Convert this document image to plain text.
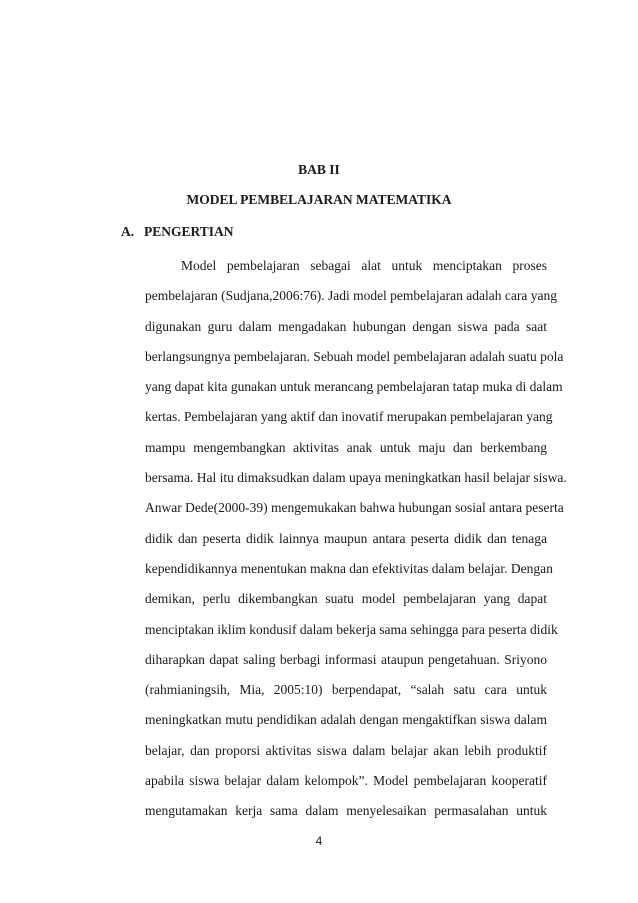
BAB II
MODEL PEMBELAJARAN MATEMATIKA
A. PENGERTIAN
Model pembelajaran sebagai alat untuk menciptakan proses
pembelajaran (Sudjana,2006:76). Jadi model pembelajaran adalah cara yang
digunakan guru dalam mengadakan hubungan dengan siswa pada saat
berlangsungnya pembelajaran. Sebuah model pembelajaran adalah suatu pola
yang dapat kita gunakan untuk merancang pembelajaran tatap muka di dalam
kertas. Pembelajaran yang aktif dan inovatif merupakan pembelajaran yang
mampu mengembangkan aktivitas anak untuk maju dan berkembang
bersama. Hal itu dimaksudkan dalam upaya meningkatkan hasil belajar siswa.
Anwar Dede(2000-39) mengemukakan bahwa hubungan sosial antara peserta
didik dan peserta didik lainnya maupun antara peserta didik dan tenaga
kependidikannya menentukan makna dan efektivitas dalam belajar. Dengan
demikan, perlu dikembangkan suatu model pembelajaran yang dapat
menciptakan iklim kondusif dalam bekerja sama sehingga para peserta didik
diharapkan dapat saling berbagi informasi ataupun pengetahuan. Sriyono
(rahmianingsih, Mia, 2005:10) berpendapat, “salah satu cara untuk
meningkatkan mutu pendidikan adalah dengan mengaktifkan siswa dalam
belajar, dan proporsi aktivitas siswa dalam belajar akan lebih produktif
apabila siswa belajar dalam kelompok”. Model pembelajaran kooperatif
mengutamakan kerja sama dalam menyelesaikan permasalahan untuk
4
